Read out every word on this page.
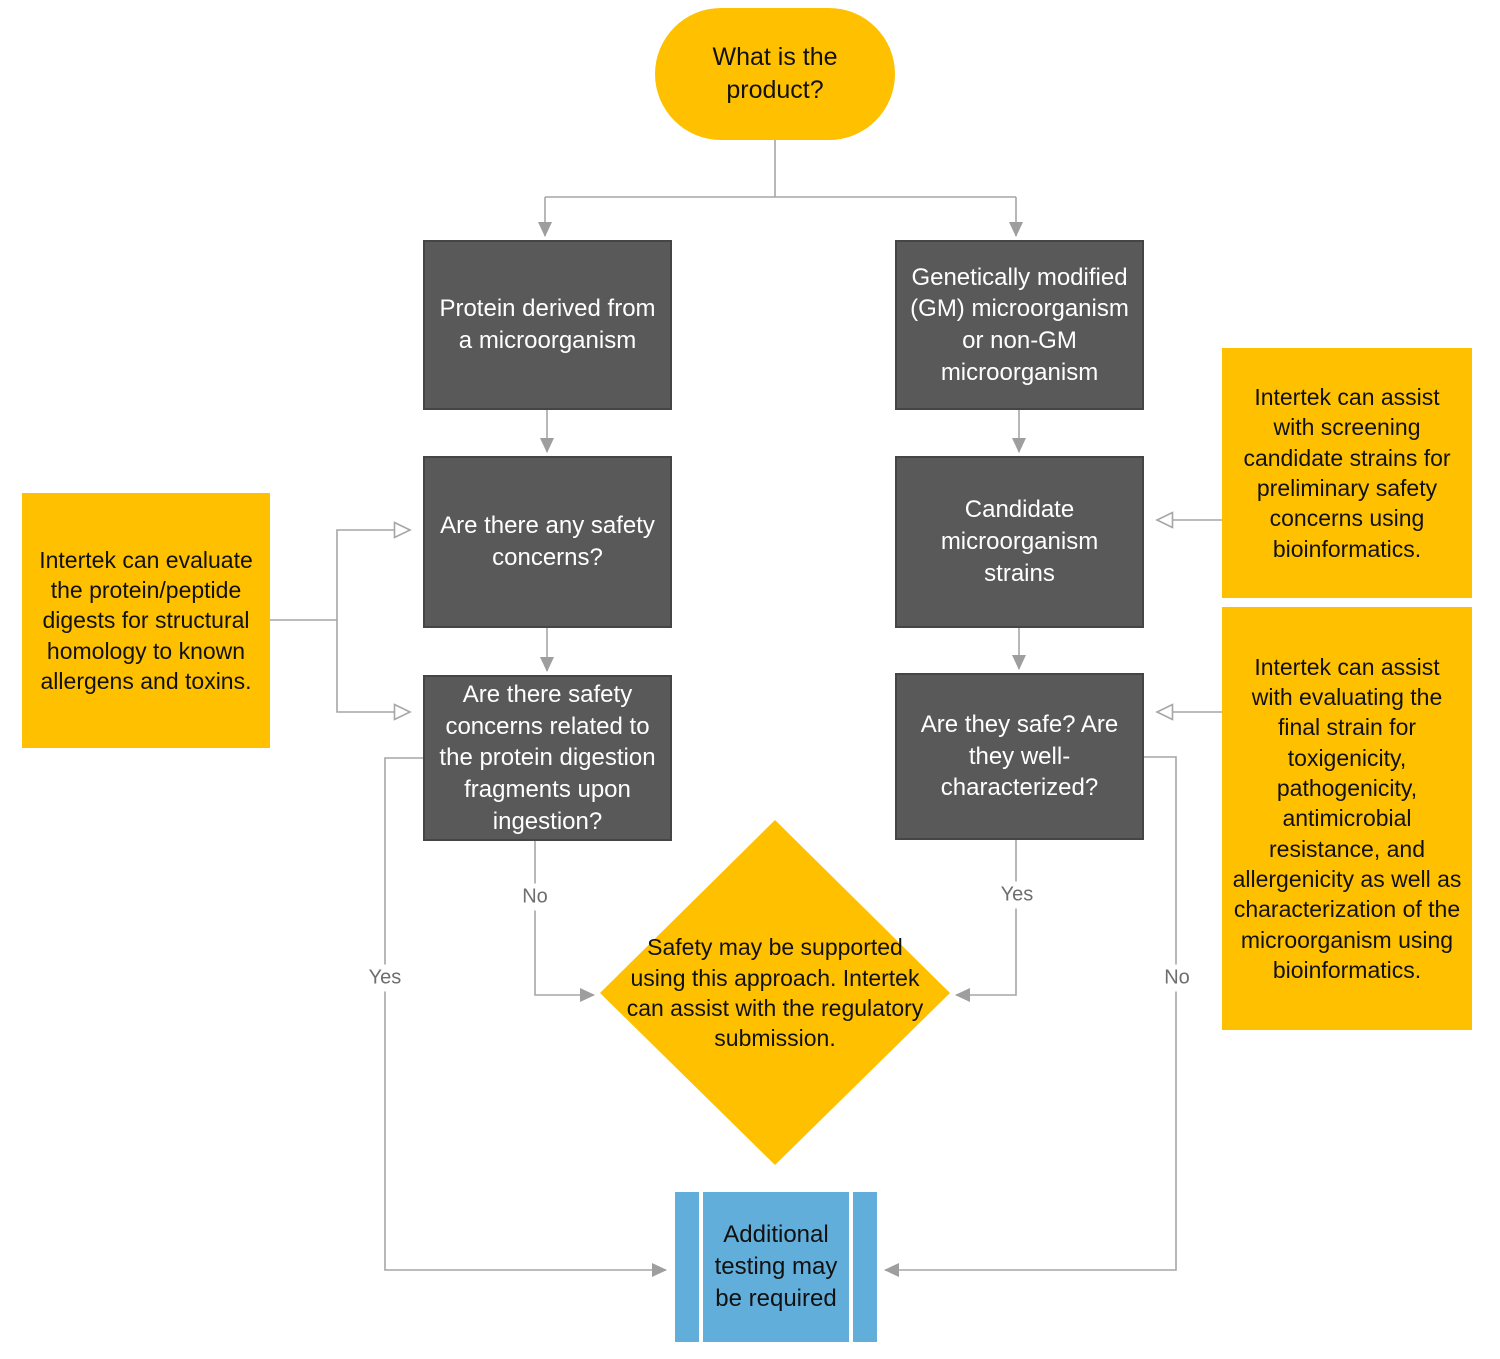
What is the product?
Protein derived from a microorganism
Genetically modified (GM) microorganism or non-GM microorganism
Are there any safety concerns?
Candidate microorganism strains
Are there safety concerns related to the protein digestion fragments upon ingestion?
Are they safe? Are they well-characterized?
Intertek can evaluate the protein/peptide digests for structural homology to known allergens and toxins.
Intertek can assist with screening candidate strains for preliminary safety concerns using bioinformatics.
Intertek can assist with evaluating the final strain for toxigenicity, pathogenicity, antimicrobial resistance, and allergenicity as well as characterization of the microorganism using bioinformatics.
Safety may be supported using this approach. Intertek can assist with the regulatory submission.
Additional testing may be required
No
Yes
Yes
No
